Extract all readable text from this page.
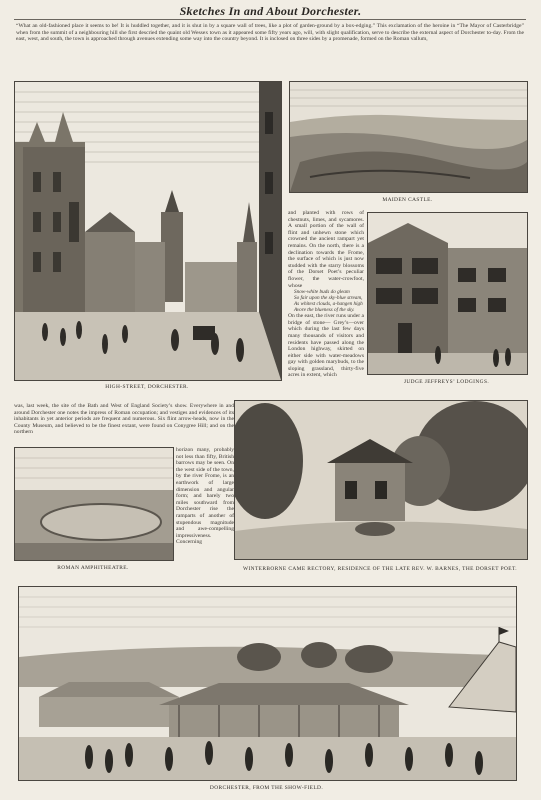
Sketches In and About Dorchester.

“What an old-fashioned place it seems to be! It is huddled together, and it is shut in by a square wall of trees, like a plot of garden-ground by a box-edging.” This exclamation of the heroine in “The Mayor of Casterbridge” when from the summit of a neighbouring hill she first descried the quaint old Wessex town as it appeared some fifty years ago, will, with slight qualification, serve to describe the external aspect of Dorchester to-day. From the east, west, and south, the town is approached through avenues extending some way into the country beyond. It is inclosed on three sides by a promenade, formed on the Roman vallum,

HIGH-STREET, DORCHESTER.
MAIDEN CASTLE.

and planted with rows of chestnuts, limes, and sycamores. A small portion of the wall of flint and unhewn stone which crowned the ancient rampart yet remains. On the north, there is a declination towards the Frome, the surface of which is just now studded with the starry blossoms of the Dorset Poet’s peculiar flower, the water-crowfoot, whose

Snow-white buds do gleam
So fair upon the sky-blue stream,
As whitest clouds, a-hangen high
Avore the blueness of the sky.

On the east, the river runs under a bridge of stone— Grey’s—over which during the last few days many thousands of visitors and residents have passed along the London highway, skirted on either side with water-meadows gay with golden marybuds, to the sloping grassland, thirty-five acres in extent, which

JUDGE JEFFREYS’ LODGINGS.

was, last week, the site of the Bath and West of England Society’s show. Everywhere in and around Dorchester one notes the impress of Roman occupation; and vestiges and evidences of its inhabitants in yet anterior periods are frequent and numerous. Six flint arrow-heads, now in the County Museum, and believed to be the finest extant, were found on Conygree Hill; and on the northern

horizon many, probably not less than fifty, British barrows may be seen. On the west side of the town, by the river Frome, is an earthwork of large dimension and angular form; and barely two miles southward from Dorchester rise the ramparts of another of stupendous magnitude and awe-compelling impressiveness. Concerning

ROMAN AMPHITHEATRE.	WINTERBORNE CAME RECTORY, RESIDENCE OF THE LATE REV. W. BARNES, THE DORSET POET.
DORCHESTER, FROM THE SHOW-FIELD.
